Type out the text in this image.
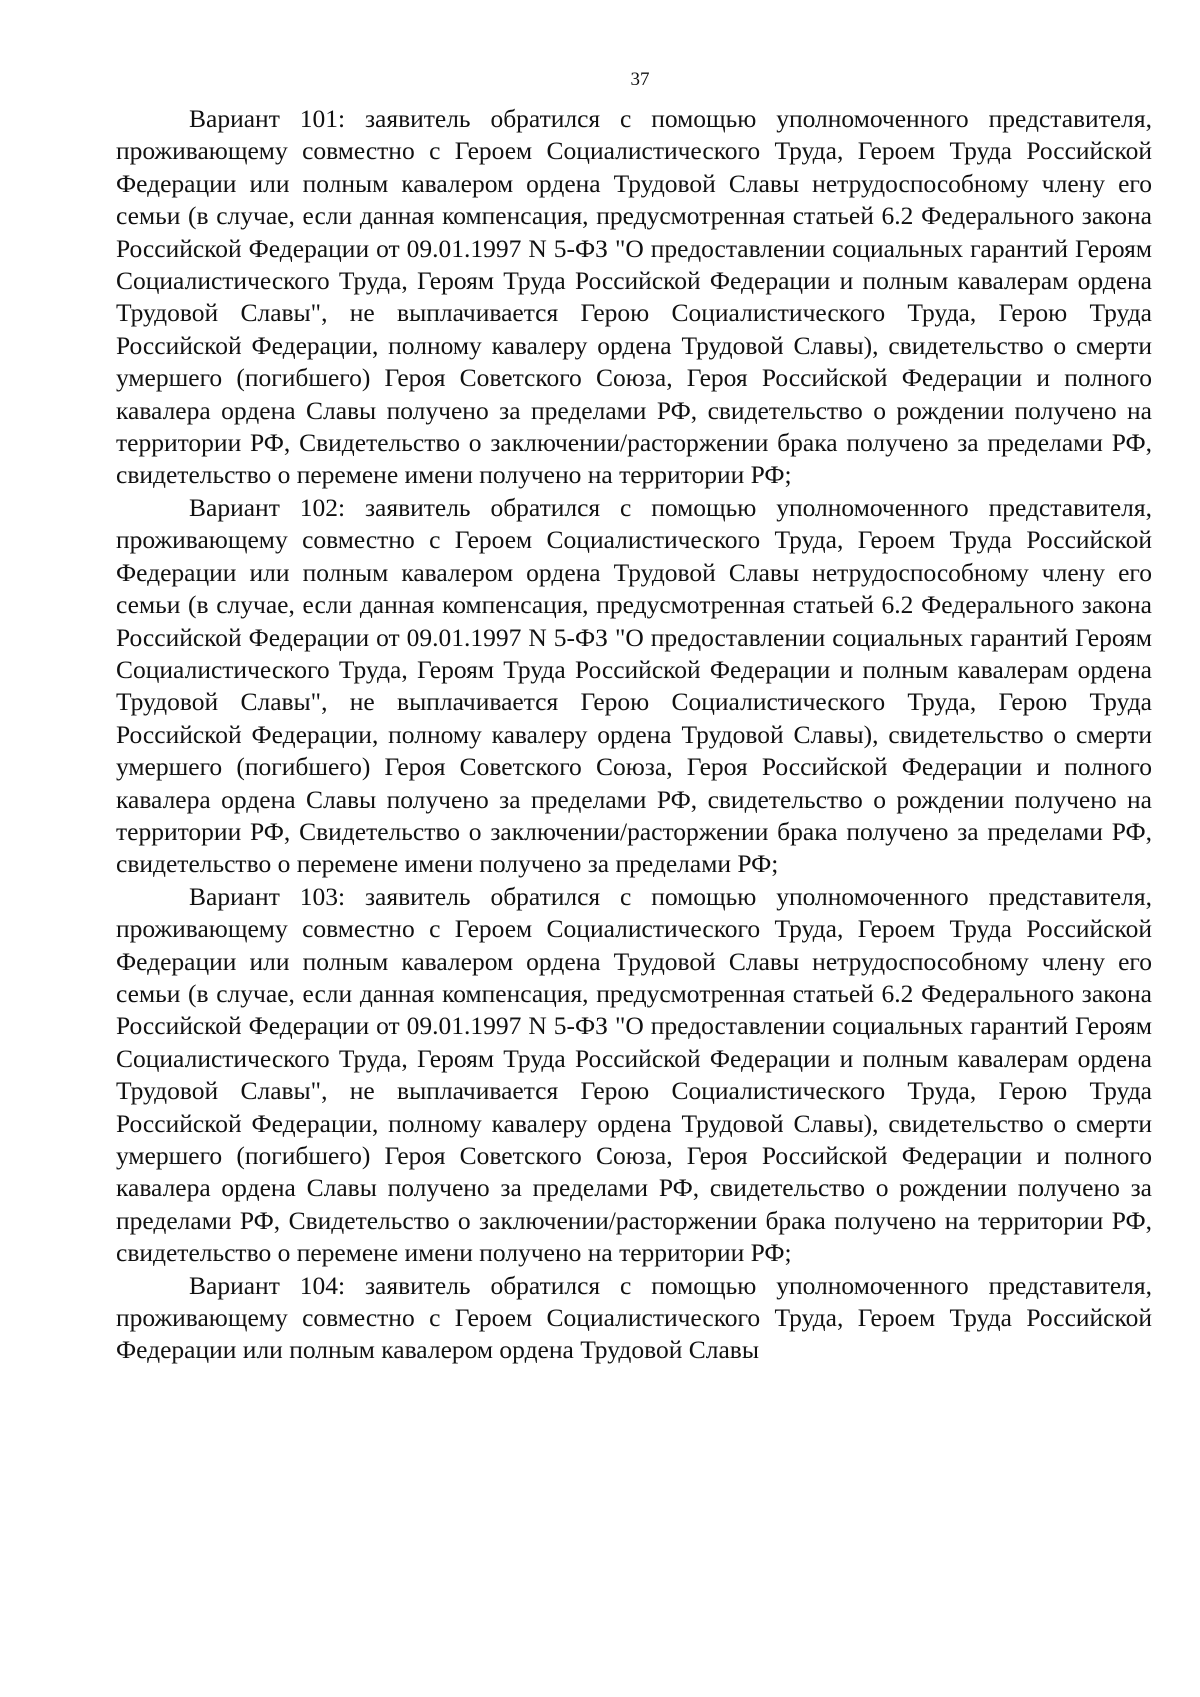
37

Вариант 101: заявитель обратился с помощью уполномоченного представителя, проживающему совместно с Героем Социалистического Труда, Героем Труда Российской Федерации или полным кавалером ордена Трудовой Славы нетрудоспособному члену его семьи (в случае, если данная компенсация, предусмотренная статьей 6.2 Федерального закона Российской Федерации от 09.01.1997 N 5-ФЗ "О предоставлении социальных гарантий Героям Социалистического Труда, Героям Труда Российской Федерации и полным кавалерам ордена Трудовой Славы", не выплачивается Герою Социалистического Труда, Герою Труда Российской Федерации, полному кавалеру ордена Трудовой Славы), свидетельство о смерти умершего (погибшего) Героя Советского Союза, Героя Российской Федерации и полного кавалера ордена Славы получено за пределами РФ, свидетельство о рождении получено на территории РФ, Свидетельство о заключении/расторжении брака получено за пределами РФ, свидетельство о перемене имени получено на территории РФ;

Вариант 102: заявитель обратился с помощью уполномоченного представителя, проживающему совместно с Героем Социалистического Труда, Героем Труда Российской Федерации или полным кавалером ордена Трудовой Славы нетрудоспособному члену его семьи (в случае, если данная компенсация, предусмотренная статьей 6.2 Федерального закона Российской Федерации от 09.01.1997 N 5-ФЗ "О предоставлении социальных гарантий Героям Социалистического Труда, Героям Труда Российской Федерации и полным кавалерам ордена Трудовой Славы", не выплачивается Герою Социалистического Труда, Герою Труда Российской Федерации, полному кавалеру ордена Трудовой Славы), свидетельство о смерти умершего (погибшего) Героя Советского Союза, Героя Российской Федерации и полного кавалера ордена Славы получено за пределами РФ, свидетельство о рождении получено на территории РФ, Свидетельство о заключении/расторжении брака получено за пределами РФ, свидетельство о перемене имени получено за пределами РФ;

Вариант 103: заявитель обратился с помощью уполномоченного представителя, проживающему совместно с Героем Социалистического Труда, Героем Труда Российской Федерации или полным кавалером ордена Трудовой Славы нетрудоспособному члену его семьи (в случае, если данная компенсация, предусмотренная статьей 6.2 Федерального закона Российской Федерации от 09.01.1997 N 5-ФЗ "О предоставлении социальных гарантий Героям Социалистического Труда, Героям Труда Российской Федерации и полным кавалерам ордена Трудовой Славы", не выплачивается Герою Социалистического Труда, Герою Труда Российской Федерации, полному кавалеру ордена Трудовой Славы), свидетельство о смерти умершего (погибшего) Героя Советского Союза, Героя Российской Федерации и полного кавалера ордена Славы получено за пределами РФ, свидетельство о рождении получено за пределами РФ, Свидетельство о заключении/расторжении брака получено на территории РФ, свидетельство о перемене имени получено на территории РФ;

Вариант 104: заявитель обратился с помощью уполномоченного представителя, проживающему совместно с Героем Социалистического Труда, Героем Труда Российской Федерации или полным кавалером ордена Трудовой Славы
